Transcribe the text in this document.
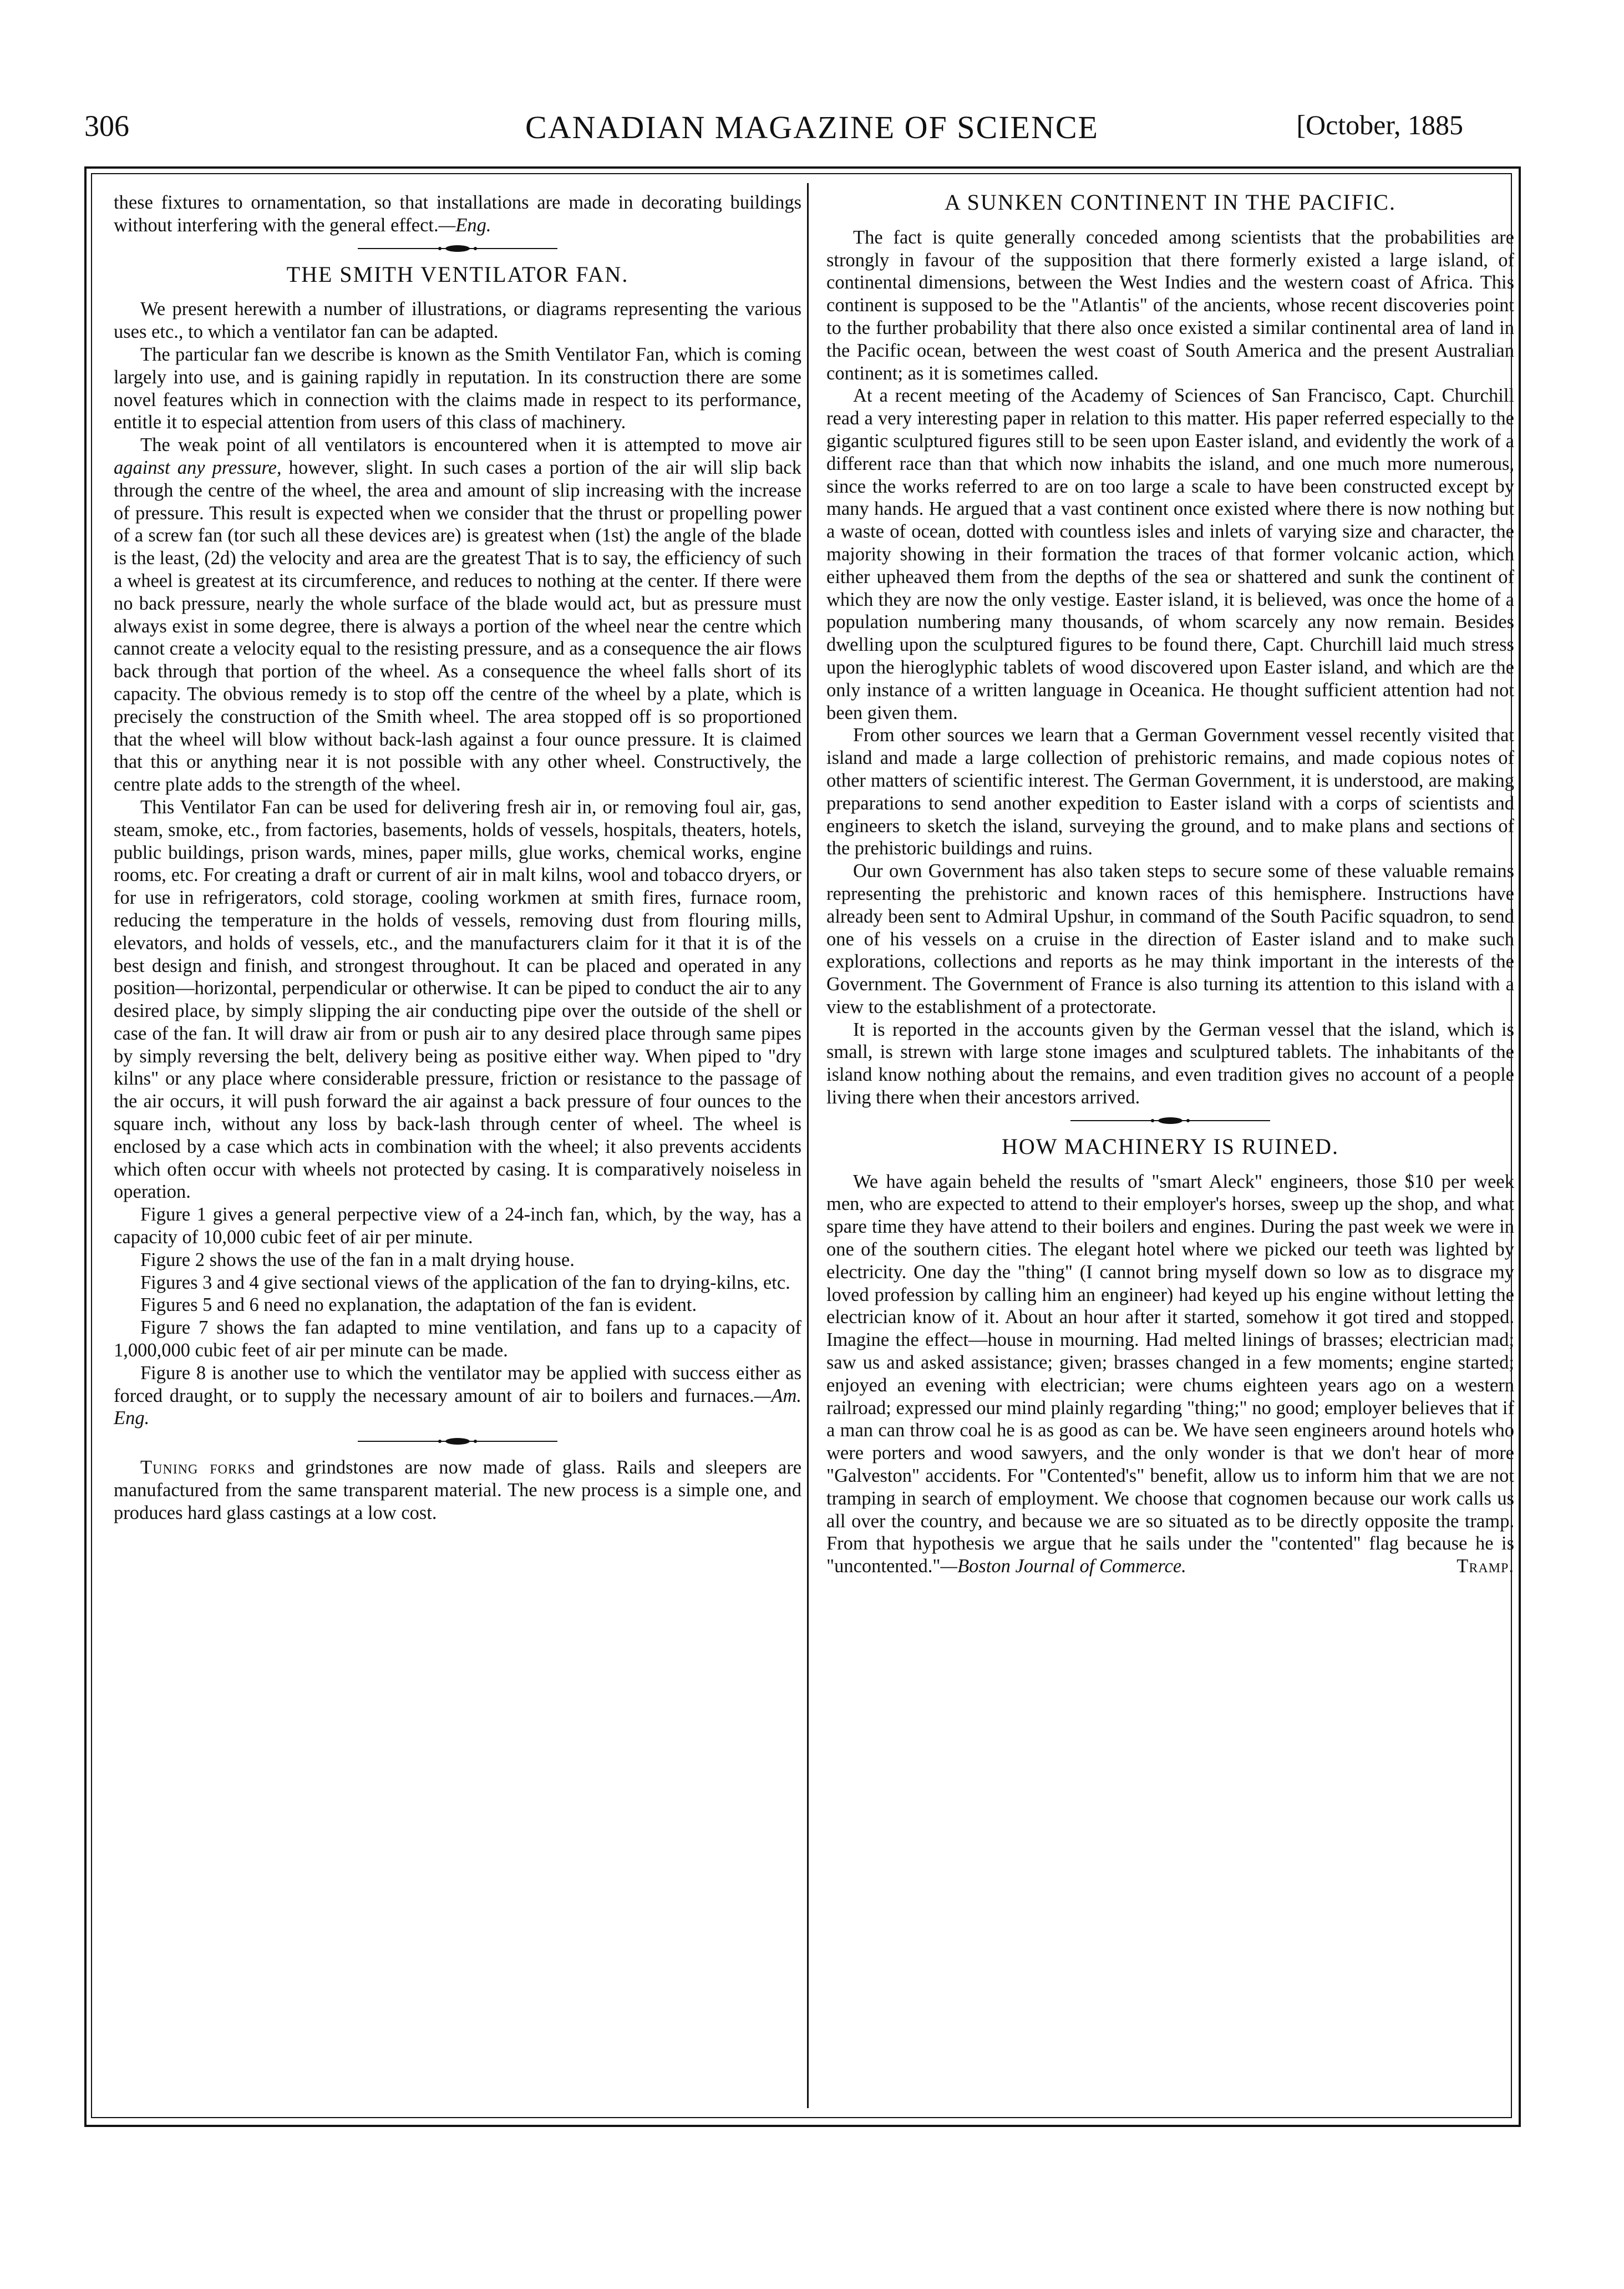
306	CANADIAN MAGAZINE OF SCIENCE	[October, 1885

these fixtures to ornamentation, so that installations are made in decorating buildings without interfering with the general effect.—Eng.

THE SMITH VENTILATOR FAN.

We present herewith a number of illustrations, or diagrams representing the various uses etc., to which a ventilator fan can be adapted.

The particular fan we describe is known as the Smith Ventilator Fan, which is coming largely into use, and is gaining rapidly in reputation. In its construction there are some novel features which in connection with the claims made in respect to its performance, entitle it to especial attention from users of this class of machinery.

The weak point of all ventilators is encountered when it is attempted to move air against any pressure, however, slight. In such cases a portion of the air will slip back through the centre of the wheel, the area and amount of slip increasing with the increase of pressure. This result is expected when we consider that the thrust or propelling power of a screw fan (tor such all these devices are) is greatest when (1st) the angle of the blade is the least, (2d) the velocity and area are the greatest That is to say, the efficiency of such a wheel is greatest at its circumference, and reduces to nothing at the center. If there were no back pressure, nearly the whole surface of the blade would act, but as pressure must always exist in some degree, there is always a portion of the wheel near the centre which cannot create a velocity equal to the resisting pressure, and as a consequence the air flows back through that portion of the wheel. As a consequence the wheel falls short of its capacity. The obvious remedy is to stop off the centre of the wheel by a plate, which is precisely the construction of the Smith wheel. The area stopped off is so proportioned that the wheel will blow without back-lash against a four ounce pressure. It is claimed that this or anything near it is not possible with any other wheel. Constructively, the centre plate adds to the strength of the wheel.

This Ventilator Fan can be used for delivering fresh air in, or removing foul air, gas, steam, smoke, etc., from factories, basements, holds of vessels, hospitals, theaters, hotels, public buildings, prison wards, mines, paper mills, glue works, chemical works, engine rooms, etc. For creating a draft or current of air in malt kilns, wool and tobacco dryers, or for use in refrigerators, cold storage, cooling workmen at smith fires, furnace room, reducing the temperature in the holds of vessels, removing dust from flouring mills, elevators, and holds of vessels, etc., and the manufacturers claim for it that it is of the best design and finish, and strongest throughout. It can be placed and operated in any position—horizontal, perpendicular or otherwise. It can be piped to conduct the air to any desired place, by simply slipping the air conducting pipe over the outside of the shell or case of the fan. It will draw air from or push air to any desired place through same pipes by simply reversing the belt, delivery being as positive either way. When piped to "dry kilns" or any place where considerable pressure, friction or resistance to the passage of the air occurs, it will push forward the air against a back pressure of four ounces to the square inch, without any loss by back-lash through center of wheel. The wheel is enclosed by a case which acts in combination with the wheel; it also prevents accidents which often occur with wheels not protected by casing. It is comparatively noiseless in operation.

Figure 1 gives a general perpective view of a 24-inch fan, which, by the way, has a capacity of 10,000 cubic feet of air per minute.

Figure 2 shows the use of the fan in a malt drying house.

Figures 3 and 4 give sectional views of the application of the fan to drying-kilns, etc.

Figures 5 and 6 need no explanation, the adaptation of the fan is evident.

Figure 7 shows the fan adapted to mine ventilation, and fans up to a capacity of 1,000,000 cubic feet of air per minute can be made.

Figure 8 is another use to which the ventilator may be applied with success either as forced draught, or to supply the necessary amount of air to boilers and furnaces.—Am. Eng.

Tuning forks and grindstones are now made of glass. Rails and sleepers are manufactured from the same transparent material. The new process is a simple one, and produces hard glass castings at a low cost.

A SUNKEN CONTINENT IN THE PACIFIC.

The fact is quite generally conceded among scientists that the probabilities are strongly in favour of the supposition that there formerly existed a large island, of continental dimensions, between the West Indies and the western coast of Africa. This continent is supposed to be the "Atlantis" of the ancients, whose recent discoveries point to the further probability that there also once existed a similar continental area of land in the Pacific ocean, between the west coast of South America and the present Australian continent; as it is sometimes called.

At a recent meeting of the Academy of Sciences of San Francisco, Capt. Churchill read a very interesting paper in relation to this matter. His paper referred especially to the gigantic sculptured figures still to be seen upon Easter island, and evidently the work of a different race than that which now inhabits the island, and one much more numerous, since the works referred to are on too large a scale to have been constructed except by many hands. He argued that a vast continent once existed where there is now nothing but a waste of ocean, dotted with countless isles and inlets of varying size and character, the majority showing in their formation the traces of that former volcanic action, which either upheaved them from the depths of the sea or shattered and sunk the continent of which they are now the only vestige. Easter island, it is believed, was once the home of a population numbering many thousands, of whom scarcely any now remain. Besides dwelling upon the sculptured figures to be found there, Capt. Churchill laid much stress upon the hieroglyphic tablets of wood discovered upon Easter island, and which are the only instance of a written language in Oceanica. He thought sufficient attention had not been given them.

From other sources we learn that a German Government vessel recently visited that island and made a large collection of prehistoric remains, and made copious notes of other matters of scientific interest. The German Government, it is understood, are making preparations to send another expedition to Easter island with a corps of scientists and engineers to sketch the island, surveying the ground, and to make plans and sections of the prehistoric buildings and ruins.

Our own Government has also taken steps to secure some of these valuable remains representing the prehistoric and known races of this hemisphere. Instructions have already been sent to Admiral Upshur, in command of the South Pacific squadron, to send one of his vessels on a cruise in the direction of Easter island and to make such explorations, collections and reports as he may think important in the interests of the Government. The Government of France is also turning its attention to this island with a view to the establishment of a protectorate.

It is reported in the accounts given by the German vessel that the island, which is small, is strewn with large stone images and sculptured tablets. The inhabitants of the island know nothing about the remains, and even tradition gives no account of a people living there when their ancestors arrived.

HOW MACHINERY IS RUINED.

We have again beheld the results of "smart Aleck" engineers, those $10 per week men, who are expected to attend to their employer's horses, sweep up the shop, and what spare time they have attend to their boilers and engines. During the past week we were in one of the southern cities. The elegant hotel where we picked our teeth was lighted by electricity. One day the "thing" (I cannot bring myself down so low as to disgrace my loved profession by calling him an engineer) had keyed up his engine without letting the electrician know of it. About an hour after it started, somehow it got tired and stopped. Imagine the effect—house in mourning. Had melted linings of brasses; electrician mad; saw us and asked assistance; given; brasses changed in a few moments; engine started; enjoyed an evening with electrician; were chums eighteen years ago on a western railroad; expressed our mind plainly regarding "thing;" no good; employer believes that if a man can throw coal he is as good as can be. We have seen engineers around hotels who were porters and wood sawyers, and the only wonder is that we don't hear of more "Galveston" accidents. For "Contented's" benefit, allow us to inform him that we are not tramping in search of employment. We choose that cognomen because our work calls us all over the country, and because we are so situated as to be directly opposite the tramp. From that hypothesis we argue that he sails under the "contented" flag because he is "uncontented."—Boston Journal of Commerce.	Tramp.
